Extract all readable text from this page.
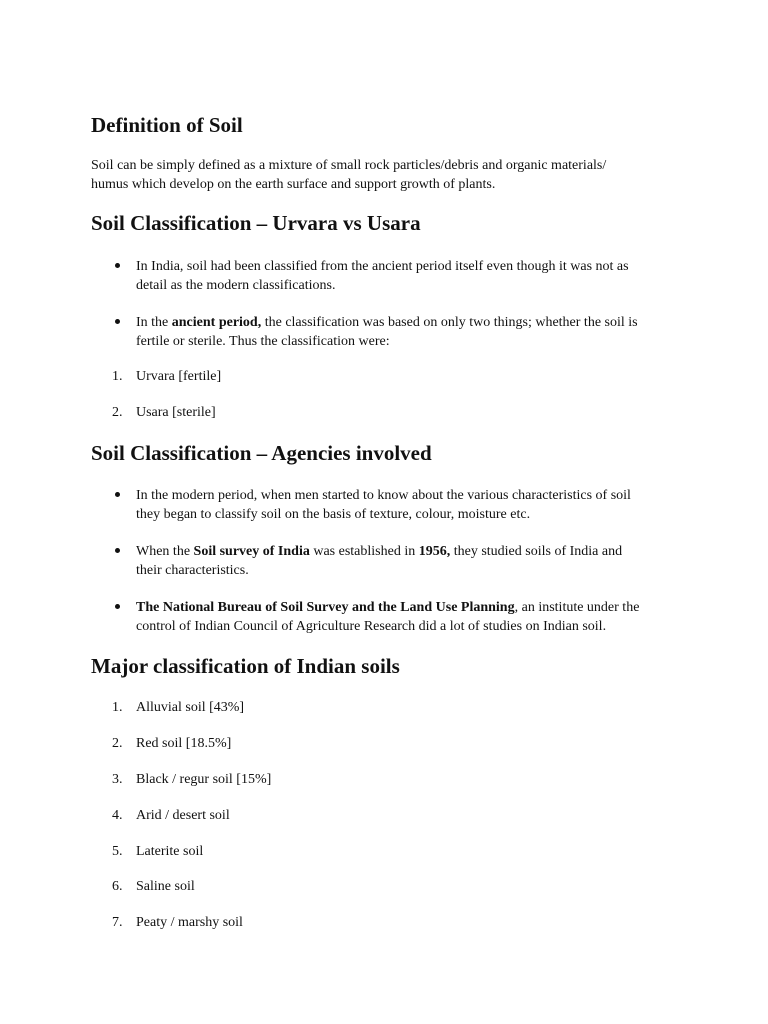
Definition of Soil

Soil can be simply defined as a mixture of small rock particles/debris and organic materials/
humus which develop on the earth surface and support growth of plants.

Soil Classification – Urvara vs Usara
In India, soil had been classified from the ancient period itself even though it was not as
detail as the modern classifications.
In the ancient period, the classification was based on only two things; whether the soil is
fertile or sterile. Thus the classification were:
1. Urvara [fertile]
2. Usara [sterile]
Soil Classification – Agencies involved
In the modern period, when men started to know about the various characteristics of soil
they began to classify soil on the basis of texture, colour, moisture etc.
When the Soil survey of India was established in 1956, they studied soils of India and
their characteristics.
The National Bureau of Soil Survey and the Land Use Planning, an institute under the
control of Indian Council of Agriculture Research did a lot of studies on Indian soil.
Major classification of Indian soils
1. Alluvial soil [43%]
2. Red soil [18.5%]
3. Black / regur soil [15%]
4. Arid / desert soil
5. Laterite soil
6. Saline soil
7. Peaty / marshy soil
